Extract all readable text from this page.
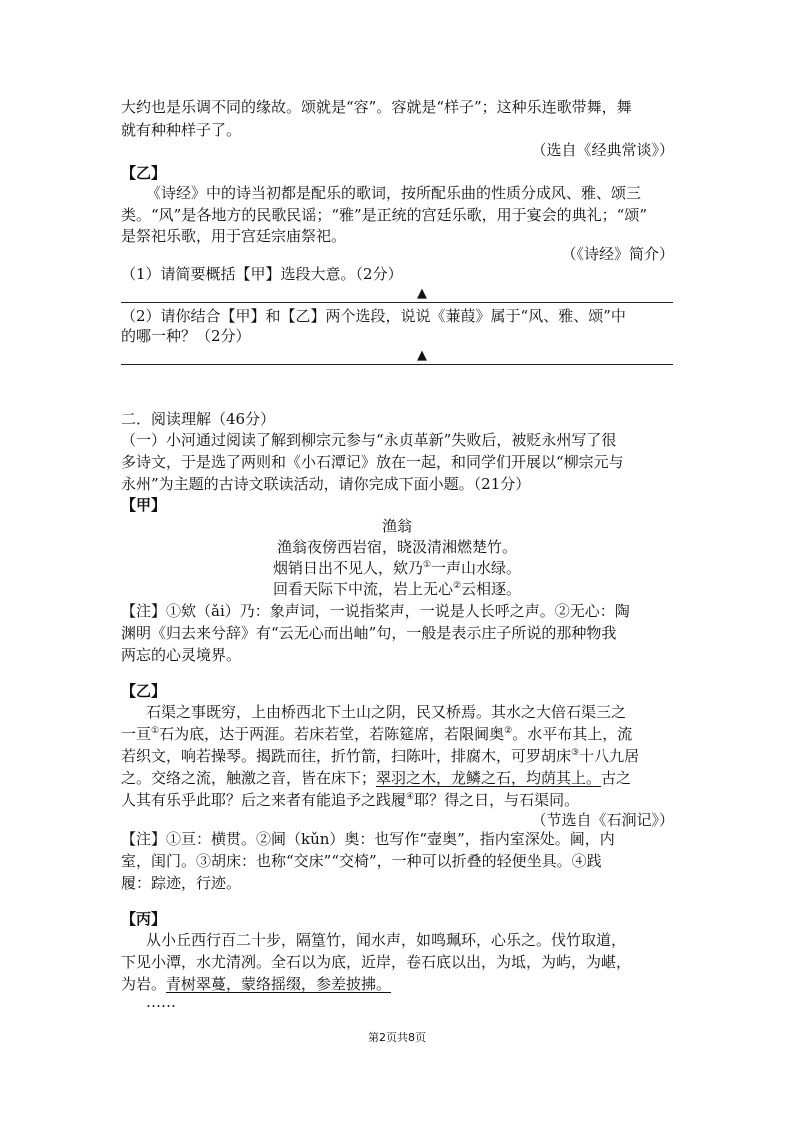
大约也是乐调不同的缘故。颂就是“容”。容就是“样子”；这种乐连歌带舞，舞
就有种种样子了。
（选自《经典常谈》）
【乙】
《诗经》中的诗当初都是配乐的歌词，按所配乐曲的性质分成风、雅、颂三
类。“风”是各地方的民歌民谣；“雅”是正统的宫廷乐歌，用于宴会的典礼；“颂”
是祭祀乐歌，用于宫廷宗庙祭祀。
（《诗经》简介）
（1）请简要概括【甲】选段大意。（2分）
▲
（2）请你结合【甲】和【乙】两个选段，说说《蒹葭》属于“风、雅、颂”中
的哪一种？（2分）
▲
二．阅读理解（46分）
（一）小河通过阅读了解到柳宗元参与“永贞革新”失败后，被贬永州写了很
多诗文，于是选了两则和《小石潭记》放在一起，和同学们开展以“柳宗元与
永州”为主题的古诗文联读活动，请你完成下面小题。（21分）
【甲】
渔翁
渔翁夜傍西岩宿，晓汲清湘燃楚竹。
烟销日出不见人，欸乃①一声山水绿。
回看天际下中流，岩上无心②云相逐。
【注】①欸（ǎi）乃：象声词，一说指桨声，一说是人长呼之声。②无心：陶
渊明《归去来兮辞》有“云无心而出岫”句，一般是表示庄子所说的那种物我
两忘的心灵境界。
【乙】
石渠之事既穷，上由桥西北下土山之阴，民又桥焉。其水之大倍石渠三之
一亘①石为底，达于两涯。若床若堂，若陈筵席，若限阃奥②。水平布其上，流
若织文，响若操琴。揭跣而往，折竹箭，扫陈叶，排腐木，可罗胡床③十八九居
之。交络之流，触激之音，皆在床下；翠羽之木，龙鳞之石，均荫其上。古之
人其有乐乎此耶？后之来者有能追予之践履④耶？得之日，与石渠同。
（节选自《石涧记》）
【注】①亘：横贯。②阃（kǔn）奥：也写作“壸奥”，指内室深处。阃，内
室，闺门。③胡床：也称“交床”“交椅”，一种可以折叠的轻便坐具。④践
履：踪迹，行迹。
【丙】
从小丘西行百二十步，隔篁竹，闻水声，如鸣珮环，心乐之。伐竹取道，
下见小潭，水尤清冽。全石以为底，近岸，卷石底以出，为坻，为屿，为嵁，
为岩。青树翠蔓，蒙络摇缀，参差披拂。
……
第2页共8页
